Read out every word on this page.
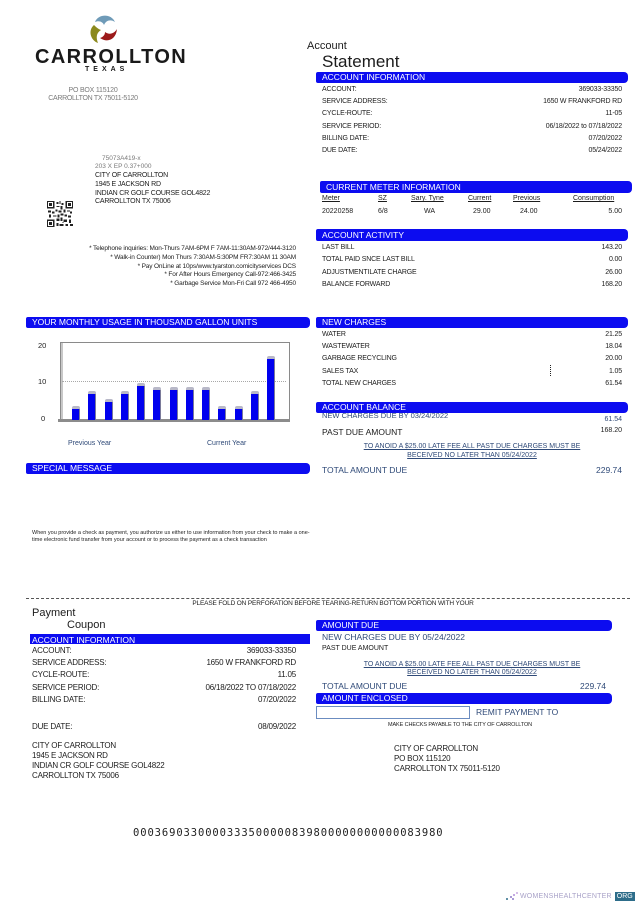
CARROLLTON
TEXAS
PO BOX 115120
CARROLLTON TX 75011-5120
Account
Statement
ACCOUNT INFORMATION
ACCOUNT:	369033-33350
SERVICE ADDRESS:	1650 W FRANKFORD RD
CYCLE-ROUTE:	11-05
SERVICE PERIOD:	06/18/2022 to 07/18/2022
BILLING DATE:	07/20/2022
DUE DATE:	05/24/2022
75073A419-x
203 X EP 0.37+000
CITY OF CARROLLTON
1945 E JACKSON RD
INDIAN CR GOLF COURSE GOL4822
CARROLLTON TX 75006
* Telephone inquiries: Mon-Thurs 7AM-6PM F 7AM-11:30AM-972/444-3120
* Walk-in Counter) Mon Thurs 7:30AM-5:30PM FR7:30AM 11 30AM
* Pay OnLine at 10ps/www.tyarston.comicityservices DCS
* For After Hours Emergency Call-972:466-3425
* Garbage Service Mon-Fri Call 972 466-4950
CURRENT METER INFORMATION
Meter	SZ	Sary. Tyne	Current	Previous	Consumption
20220258	6/8	WA	29.00	24.00	5.00
ACCOUNT ACTIVITY
LAST BILL	143.20
TOTAL PAID SNCE LAST BILL	0.00
ADJUSTMENTILATE CHARGE	26.00
BALANCE FORWARD	168.20
YOUR MONTHLY USAGE IN THOUSAND GALLON UNITS
20
10
0
Previous Year	Current Year
NEW CHARGES
WATER	21.25
WASTEWATER	18.04
GARBAGE RECYCLING	20.00
SALES TAX	1.05
TOTAL NEW CHARGES	61.54
ACCOUNT BALANCE
NEW CHARGES DUE BY 03/24/2022	61.54
PAST DUE AMOUNT	168.20
TO ANOID A $25.00 LATE FEE ALL PAST DUE CHARGES MUST BE
BECEIVED NO LATER THAN 05/24/2022
TOTAL AMOUNT DUE	229.74
SPECIAL MESSAGE
When you provide a check as payment, you authorize us either to use information from your check to make a one-time electronic fund transfer from your account or to process the payment as a check transaction
PLEASE FOLD ON PERFORATION BEFORE TEARING-RETURN BOTTOM PORTION WITH YOUR
Payment
Coupon
ACCOUNT INFORMATION
ACCOUNT:	369033-33350
SERVICE ADDRESS:	1650 W FRANKFORD RD
CYCLE-ROUTE:	11.05
SERVICE PERIOD:	06/18/2022 TO 07/18/2022
BILLING DATE:	07/20/2022
DUE DATE:	08/09/2022
CITY OF CARROLLTON
1945 E JACKSON RD
INDIAN CR GOLF COURSE GOL4822
CARROLLTON TX 75006
AMOUNT DUE
NEW CHARGES DUE BY 05/24/2022
PAST DUE AMOUNT
TO ANOID A $25.00 LATE FEE ALL PAST DUE CHARGES MUST BE
BECEIVED NO LATER THAN 05/24/2022
TOTAL AMOUNT DUE	229.74
AMOUNT ENCLOSED
REMIT PAYMENT TO
MAKE CHECKS PAYABLE TO THE CITY OF CARROLLTON
CITY OF CARROLLTON
PO BOX 115120
CARROLLTON TX 75011-5120
0003690330000333500000839800000000000083980
WOMENSHEALTHCENTER ORG
